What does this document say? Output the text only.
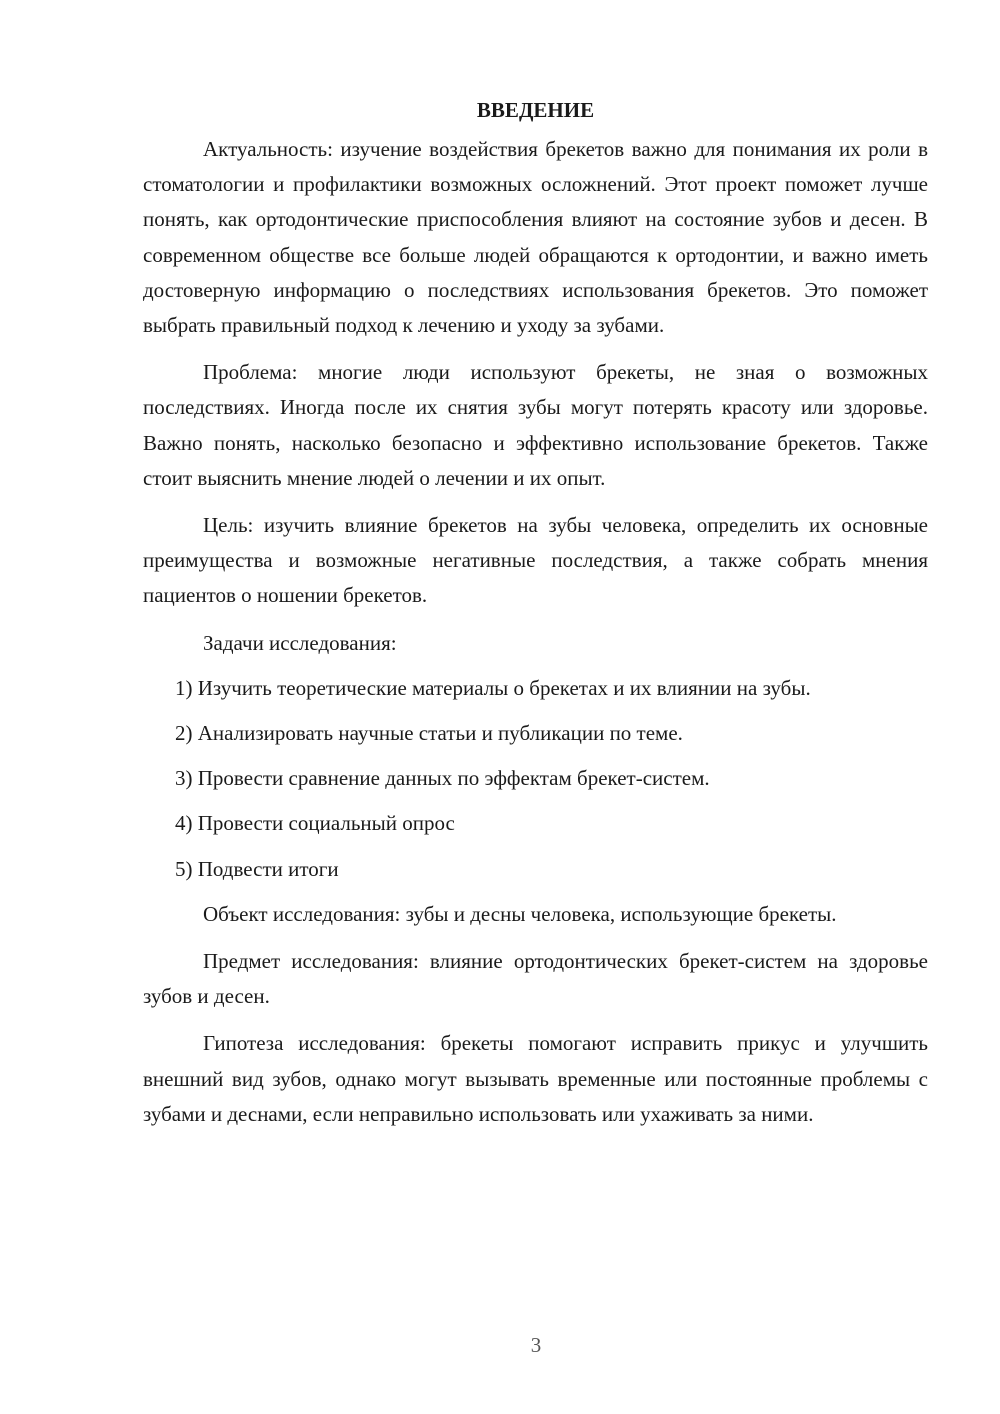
ВВЕДЕНИЕ

Актуальность: изучение воздействия брекетов важно для понимания их роли в стоматологии и профилактики возможных осложнений. Этот проект поможет лучше понять, как ортодонтические приспособления влияют на состояние зубов и десен. В современном обществе все больше людей обращаются к ортодонтии, и важно иметь достоверную информацию о последствиях использования брекетов. Это поможет выбрать правильный подход к лечению и уходу за зубами.

Проблема: многие люди используют брекеты, не зная о возможных последствиях. Иногда после их снятия зубы могут потерять красоту или здоровье. Важно понять, насколько безопасно и эффективно использование брекетов. Также стоит выяснить мнение людей о лечении и их опыт.

Цель: изучить влияние брекетов на зубы человека, определить их основные преимущества и возможные негативные последствия, а также собрать мнения пациентов о ношении брекетов.

Задачи исследования:

1) Изучить теоретические материалы о брекетах и их влиянии на зубы.

2) Анализировать научные статьи и публикации по теме.

3) Провести сравнение данных по эффектам брекет-систем.

4) Провести социальный опрос

5) Подвести итоги

Объект исследования: зубы и десны человека, использующие брекеты.

Предмет исследования: влияние ортодонтических брекет-систем на здоровье зубов и десен.

Гипотеза исследования: брекеты помогают исправить прикус и улучшить внешний вид зубов, однако могут вызывать временные или постоянные проблемы с зубами и деснами, если неправильно использовать или ухаживать за ними.

3
